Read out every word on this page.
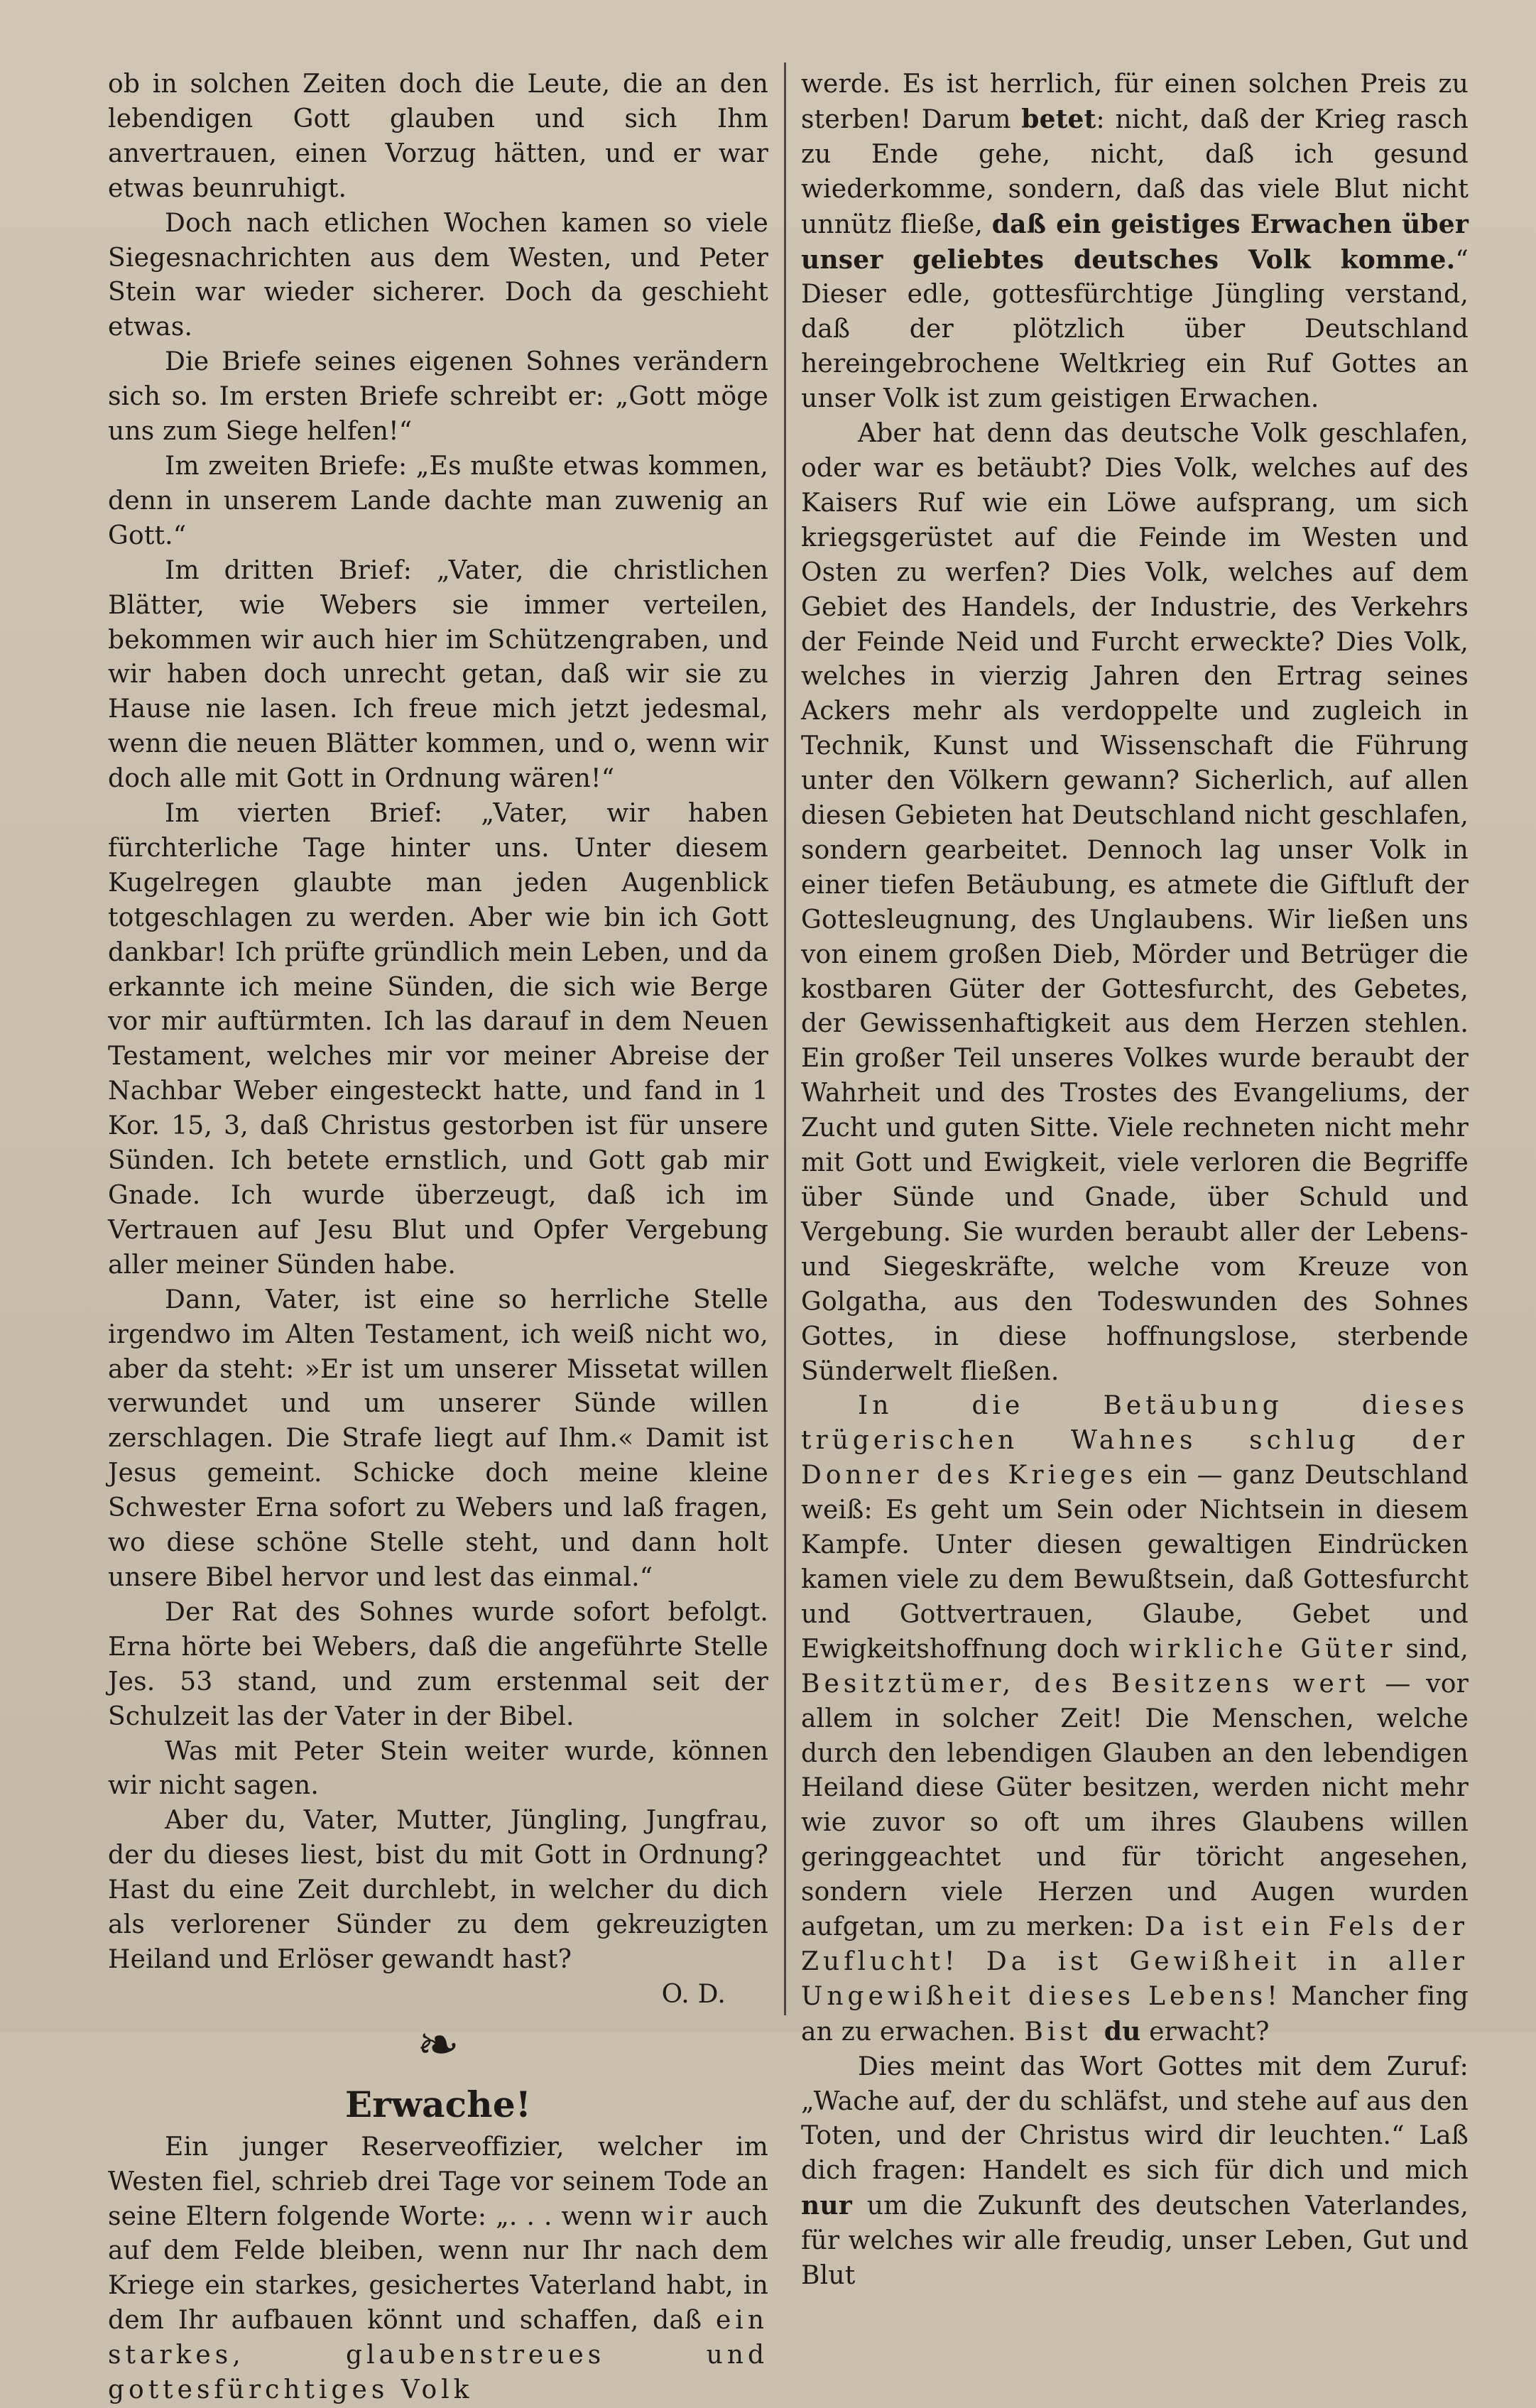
ob in solchen Zeiten doch die Leute, die an den lebendigen Gott glauben und sich Ihm anvertrauen, einen Vorzug hätten, und er war etwas beunruhigt.

Doch nach etlichen Wochen kamen so viele Siegesnachrichten aus dem Westen, und Peter Stein war wieder sicherer. Doch da geschieht etwas.

Die Briefe seines eigenen Sohnes verändern sich so. Im ersten Briefe schreibt er: „Gott möge uns zum Siege helfen!“

Im zweiten Briefe: „Es mußte etwas kommen, denn in unserem Lande dachte man zuwenig an Gott.“

Im dritten Brief: „Vater, die christlichen Blätter, wie Webers sie immer verteilen, bekommen wir auch hier im Schützengraben, und wir haben doch unrecht getan, daß wir sie zu Hause nie lasen. Ich freue mich jetzt jedesmal, wenn die neuen Blätter kommen, und o, wenn wir doch alle mit Gott in Ordnung wären!“

Im vierten Brief: „Vater, wir haben fürchterliche Tage hinter uns. Unter diesem Kugelregen glaubte man jeden Augenblick totgeschlagen zu werden. Aber wie bin ich Gott dankbar! Ich prüfte gründlich mein Leben, und da erkannte ich meine Sünden, die sich wie Berge vor mir auftürmten. Ich las darauf in dem Neuen Testament, welches mir vor meiner Abreise der Nachbar Weber eingesteckt hatte, und fand in 1 Kor. 15, 3, daß Christus gestorben ist für unsere Sünden. Ich betete ernstlich, und Gott gab mir Gnade. Ich wurde überzeugt, daß ich im Vertrauen auf Jesu Blut und Opfer Vergebung aller meiner Sünden habe.

Dann, Vater, ist eine so herrliche Stelle irgendwo im Alten Testament, ich weiß nicht wo, aber da steht: »Er ist um unserer Missetat willen verwundet und um unserer Sünde willen zerschlagen. Die Strafe liegt auf Ihm.« Damit ist Jesus gemeint. Schicke doch meine kleine Schwester Erna sofort zu Webers und laß fragen, wo diese schöne Stelle steht, und dann holt unsere Bibel hervor und lest das einmal.“

Der Rat des Sohnes wurde sofort befolgt. Erna hörte bei Webers, daß die angeführte Stelle Jes. 53 stand, und zum erstenmal seit der Schulzeit las der Vater in der Bibel.

Was mit Peter Stein weiter wurde, können wir nicht sagen.

Aber du, Vater, Mutter, Jüngling, Jungfrau, der du dieses liest, bist du mit Gott in Ordnung? Hast du eine Zeit durchlebt, in welcher du dich als verlorener Sünder zu dem gekreuzigten Heiland und Erlöser gewandt hast?

O. D.

❧
Erwache!

Ein junger Reserveoffizier, welcher im Westen fiel, schrieb drei Tage vor seinem Tode an seine Eltern folgende Worte: „. . . wenn wir auch auf dem Felde bleiben, wenn nur Ihr nach dem Kriege ein starkes, gesichertes Vaterland habt, in dem Ihr aufbauen könnt und schaffen, daß ein starkes, glaubenstreues und gottesfürchtiges Volk

werde. Es ist herrlich, für einen solchen Preis zu sterben! Darum betet: nicht, daß der Krieg rasch zu Ende gehe, nicht, daß ich gesund wiederkomme, sondern, daß das viele Blut nicht unnütz fließe, daß ein geistiges Erwachen über unser geliebtes deutsches Volk komme.“ Dieser edle, gottesfürchtige Jüngling verstand, daß der plötzlich über Deutschland hereingebrochene Weltkrieg ein Ruf Gottes an unser Volk ist zum geistigen Erwachen.

Aber hat denn das deutsche Volk geschlafen, oder war es betäubt? Dies Volk, welches auf des Kaisers Ruf wie ein Löwe aufsprang, um sich kriegsgerüstet auf die Feinde im Westen und Osten zu werfen? Dies Volk, welches auf dem Gebiet des Handels, der Industrie, des Verkehrs der Feinde Neid und Furcht erweckte? Dies Volk, welches in vierzig Jahren den Ertrag seines Ackers mehr als verdoppelte und zugleich in Technik, Kunst und Wissenschaft die Führung unter den Völkern gewann? Sicherlich, auf allen diesen Gebieten hat Deutschland nicht geschlafen, sondern gearbeitet. Dennoch lag unser Volk in einer tiefen Betäubung, es atmete die Giftluft der Gottesleugnung, des Unglaubens. Wir ließen uns von einem großen Dieb, Mörder und Betrüger die kostbaren Güter der Gottesfurcht, des Gebetes, der Gewissenhaftigkeit aus dem Herzen stehlen. Ein großer Teil unseres Volkes wurde beraubt der Wahrheit und des Trostes des Evangeliums, der Zucht und guten Sitte. Viele rechneten nicht mehr mit Gott und Ewigkeit, viele verloren die Begriffe über Sünde und Gnade, über Schuld und Vergebung. Sie wurden beraubt aller der Lebens- und Siegeskräfte, welche vom Kreuze von Golgatha, aus den Todeswunden des Sohnes Gottes, in diese hoffnungslose, sterbende Sünderwelt fließen.

In die Betäubung dieses trügerischen Wahnes schlug der Donner des Krieges ein — ganz Deutschland weiß: Es geht um Sein oder Nichtsein in diesem Kampfe. Unter diesen gewaltigen Eindrücken kamen viele zu dem Bewußtsein, daß Gottesfurcht und Gottvertrauen, Glaube, Gebet und Ewigkeitshoffnung doch wirkliche Güter sind, Besitztümer, des Besitzens wert — vor allem in solcher Zeit! Die Menschen, welche durch den lebendigen Glauben an den lebendigen Heiland diese Güter besitzen, werden nicht mehr wie zuvor so oft um ihres Glaubens willen geringgeachtet und für töricht angesehen, sondern viele Herzen und Augen wurden aufgetan, um zu merken: Da ist ein Fels der Zuflucht! Da ist Gewißheit in aller Ungewißheit dieses Lebens! Mancher fing an zu erwachen. Bist du erwacht?

Dies meint das Wort Gottes mit dem Zuruf: „Wache auf, der du schläfst, und stehe auf aus den Toten, und der Christus wird dir leuchten.“ Laß dich fragen: Handelt es sich für dich und mich nur um die Zukunft des deutschen Vaterlandes, für welches wir alle freudig, unser Leben, Gut und Blut
